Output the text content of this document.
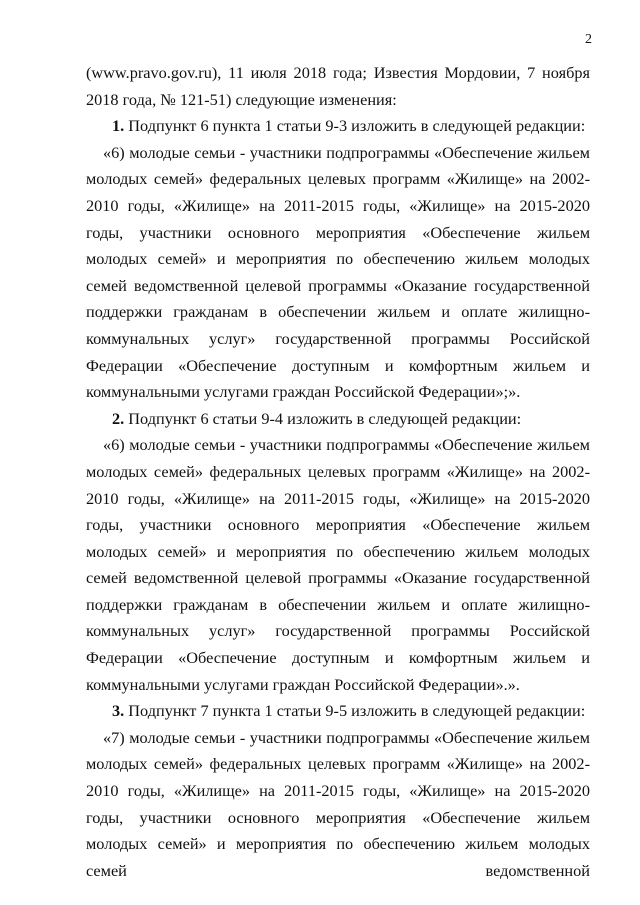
2

(www.pravo.gov.ru), 11 июля 2018 года; Известия Мордовии, 7 ноября 2018 года, № 121-51) следующие изменения:

1. Подпункт 6 пункта 1 статьи 9-3 изложить в следующей редакции:

«6) молодые семьи - участники подпрограммы «Обеспечение жильем молодых семей» федеральных целевых программ «Жилище» на 2002-2010 годы, «Жилище» на 2011-2015 годы, «Жилище» на 2015-2020 годы, участники основного мероприятия «Обеспечение жильем молодых семей» и мероприятия по обеспечению жильем молодых семей ведомственной целевой программы «Оказание государственной поддержки гражданам в обеспечении жильем и оплате жилищно-коммунальных услуг» государственной программы Российской Федерации «Обеспечение доступным и комфортным жильем и коммунальными услугами граждан Российской Федерации»;».

2. Подпункт 6 статьи 9-4 изложить в следующей редакции:

«6) молодые семьи - участники подпрограммы «Обеспечение жильем молодых семей» федеральных целевых программ «Жилище» на 2002-2010 годы, «Жилище» на 2011-2015 годы, «Жилище» на 2015-2020 годы, участники основного мероприятия «Обеспечение жильем молодых семей» и мероприятия по обеспечению жильем молодых семей ведомственной целевой программы «Оказание государственной поддержки гражданам в обеспечении жильем и оплате жилищно-коммунальных услуг» государственной программы Российской Федерации «Обеспечение доступным и комфортным жильем и коммунальными услугами граждан Российской Федерации».».

3. Подпункт 7 пункта 1 статьи 9-5 изложить в следующей редакции:

«7) молодые семьи - участники подпрограммы «Обеспечение жильем молодых семей» федеральных целевых программ «Жилище» на 2002-2010 годы, «Жилище» на 2011-2015 годы, «Жилище» на 2015-2020 годы, участники основного мероприятия «Обеспечение жильем молодых семей» и мероприятия по обеспечению жильем молодых семей ведомственной
